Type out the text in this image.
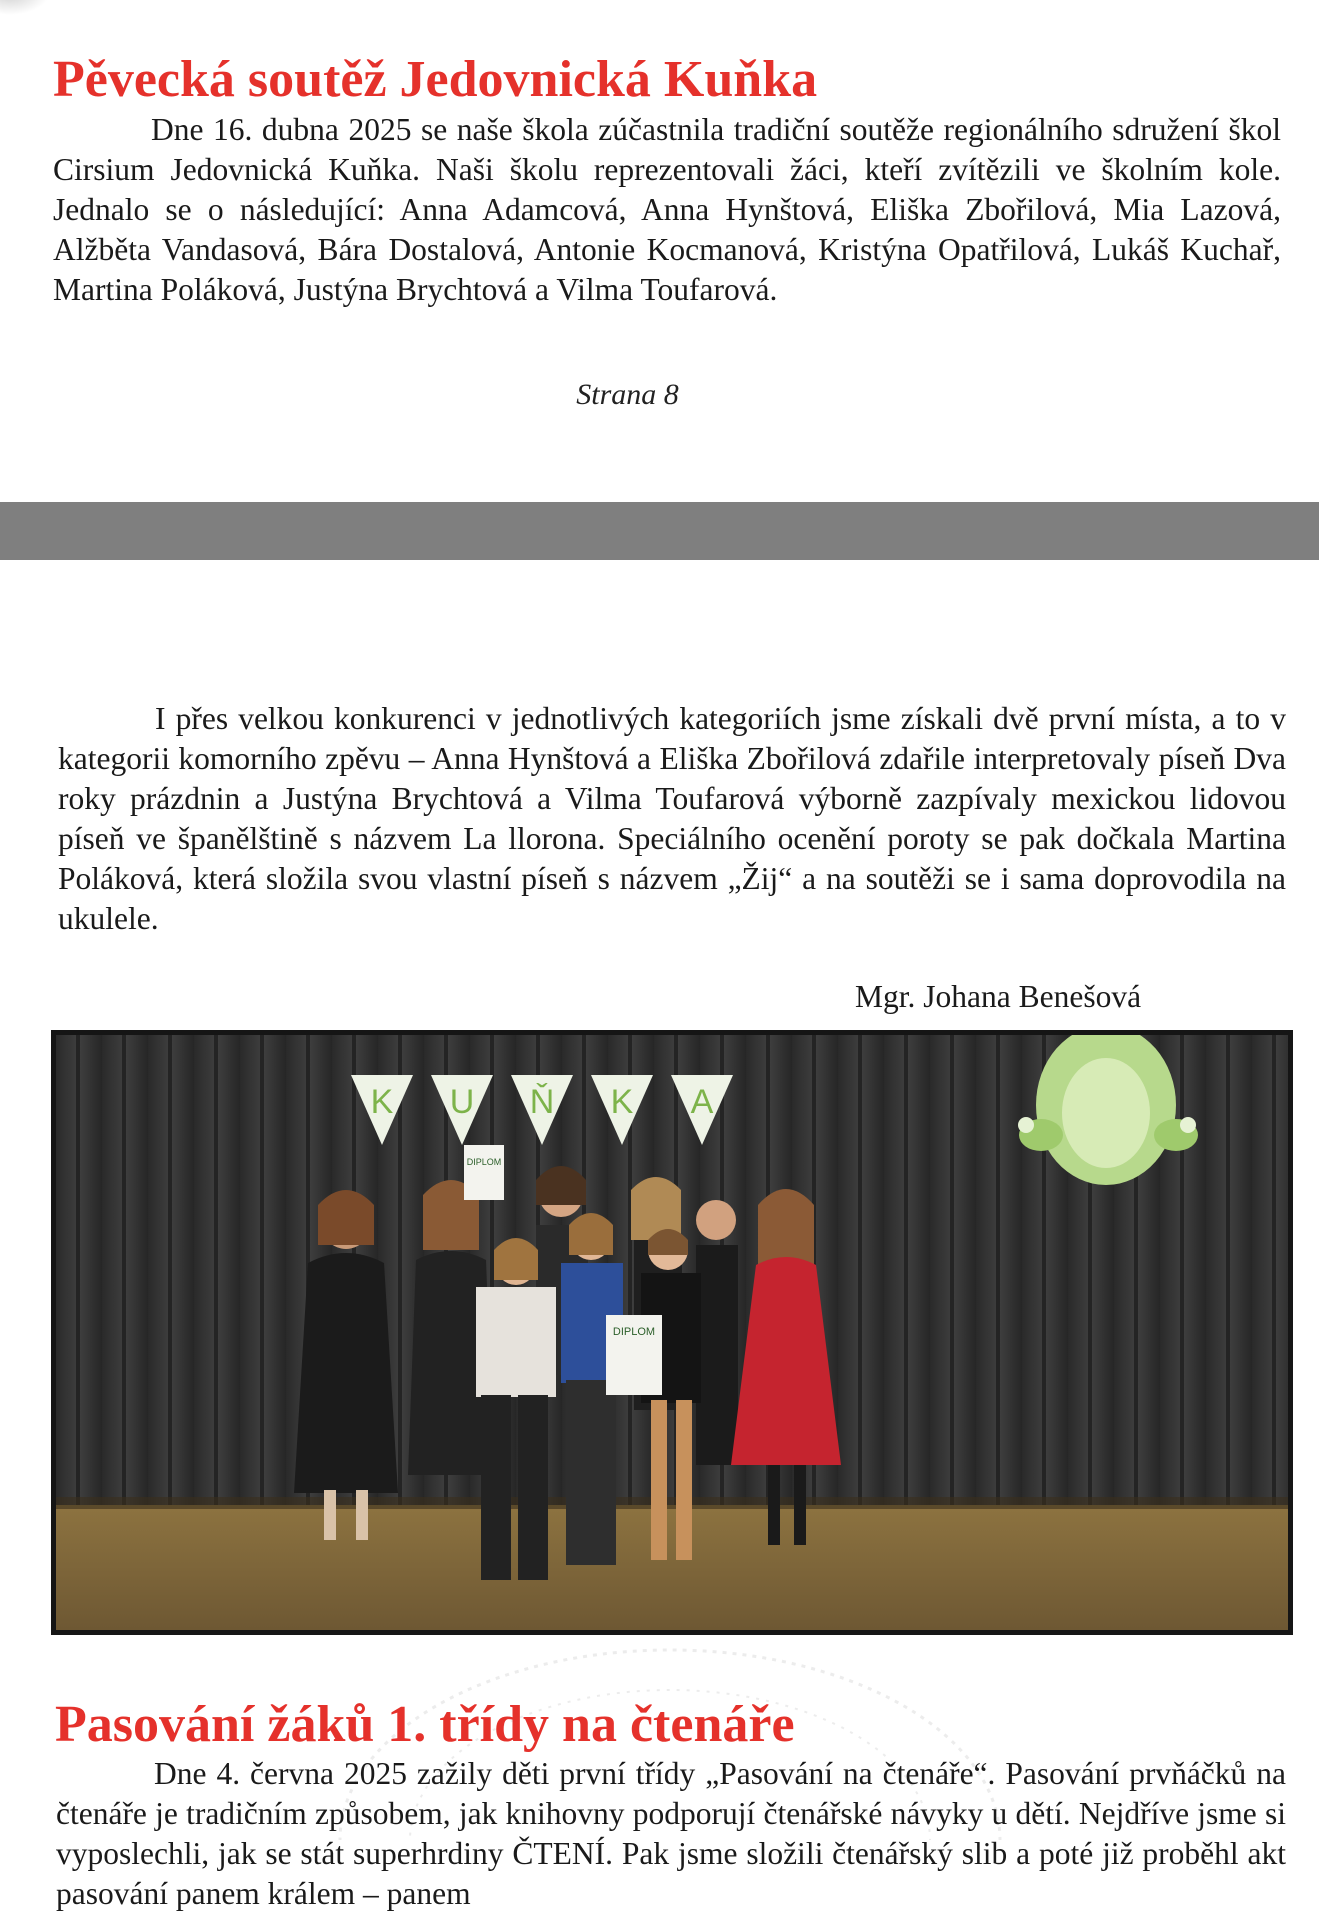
Pěvecká soutěž Jedovnická Kuňka

Dne 16. dubna 2025 se naše škola zúčastnila tradiční soutěže regionálního sdružení škol Cirsium Jedovnická Kuňka. Naši školu reprezentovali žáci, kteří zvítězili ve školním kole. Jednalo se o následující: Anna Adamcová, Anna Hynštová, Eliška Zbořilová, Mia Lazová, Alžběta Vandasová, Bára Dostalová, Antonie Kocmanová, Kristýna Opatřilová, Lukáš Kuchař, Martina Poláková, Justýna Brychtová a Vilma Toufarová.

Strana 8

I přes velkou konkurenci v jednotlivých kategoriích jsme získali dvě první místa, a to v kategorii komorního zpěvu – Anna Hynštová a Eliška Zbořilová zdařile interpretovaly píseň Dva roky prázdnin a Justýna Brychtová a Vilma Toufarová výborně zazpívaly mexickou lidovou píseň ve španělštině s názvem La llorona. Speciálního ocenění poroty se pak dočkala Martina Poláková, která složila svou vlastní píseň s názvem „Žij“ a na soutěži se i sama doprovodila na ukulele.

Mgr. Johana Benešová
K U Ň K A
DIPLOM
DIPLOM
Pasování žáků 1. třídy na čtenáře

Dne 4. června 2025 zažily děti první třídy „Pasování na čtenáře“. Pasování prvňáčků na čtenáře je tradičním způsobem, jak knihovny podporují čtenářské návyky u dětí. Nejdříve jsme si vyposlechli, jak se stát superhrdiny ČTENÍ. Pak jsme složili čtenářský slib a poté již proběhl akt pasování panem králem – panem
